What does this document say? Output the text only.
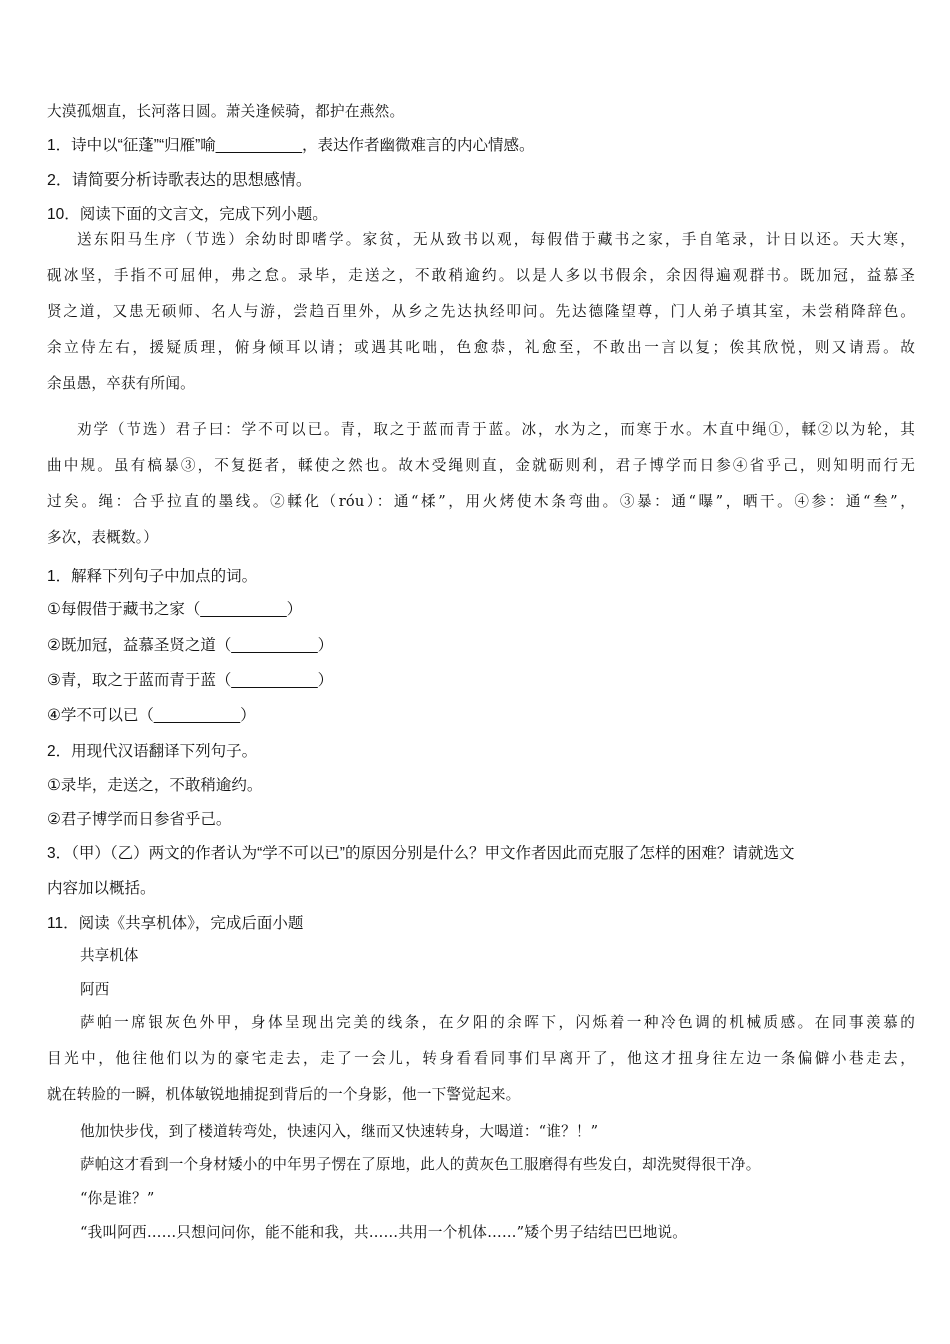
大漠孤烟直，长河落日圆。萧关逢候骑，都护在燕然。
1．诗中以“征蓬”“归雁”喻__________，表达作者幽微难言的内心情感。
2．请简要分析诗歌表达的思想感情。
10．阅读下面的文言文，完成下列小题。

送东阳马生序（节选）余幼时即嗜学。家贫，无从致书以观，每假借于藏书之家，手自笔录，计日以还。天大寒，

砚冰坚，手指不可屈伸，弗之怠。录毕，走送之，不敢稍逾约。以是人多以书假余，余因得遍观群书。既加冠，益慕圣

贤之道，又患无硕师、名人与游，尝趋百里外，从乡之先达执经叩问。先达德隆望尊，门人弟子填其室，未尝稍降辞色。

余立侍左右，援疑质理，俯身倾耳以请；或遇其叱咄，色愈恭，礼愈至，不敢出一言以复；俟其欣悦，则又请焉。故

余虽愚，卒获有所闻。

劝学（节选）君子曰：学不可以已。青，取之于蓝而青于蓝。冰，水为之，而寒于水。木直中绳①，輮②以为轮，其

曲中规。虽有槁暴③，不复挺者，輮使之然也。故木受绳则直，金就砺则利，君子博学而日参④省乎己，则知明而行无

过矣。绳：合乎拉直的墨线。②輮化（róu）：通“楺”，用火烤使木条弯曲。③暴：通“曝”，晒干。④参：通“叁”，

多次，表概数。）

1．解释下列句子中加点的词。
①每假借于藏书之家（__________）
②既加冠，益慕圣贤之道（__________）
③青，取之于蓝而青于蓝（__________）
④学不可以已（__________）
2．用现代汉语翻译下列句子。
①录毕，走送之，不敢稍逾约。
②君子博学而日参省乎己。
3．（甲）（乙）两文的作者认为“学不可以已”的原因分别是什么？甲文作者因此而克服了怎样的困难？请就选文
内容加以概括。
11．阅读《共享机体》，完成后面小题
共享机体
阿西

萨帕一席银灰色外甲，身体呈现出完美的线条，在夕阳的余晖下，闪烁着一种冷色调的机械质感。在同事羡慕的

目光中，他往他们以为的豪宅走去，走了一会儿，转身看看同事们早离开了，他这才扭身往左边一条偏僻小巷走去，

就在转脸的一瞬，机体敏锐地捕捉到背后的一个身影，他一下警觉起来。

他加快步伐，到了楼道转弯处，快速闪入，继而又快速转身，大喝道：“谁？！”
萨帕这才看到一个身材矮小的中年男子愣在了原地，此人的黄灰色工服磨得有些发白，却洗熨得很干净。
“你是谁？”
“我叫阿西……只想问问你，能不能和我，共……共用一个机体……”矮个男子结结巴巴地说。
